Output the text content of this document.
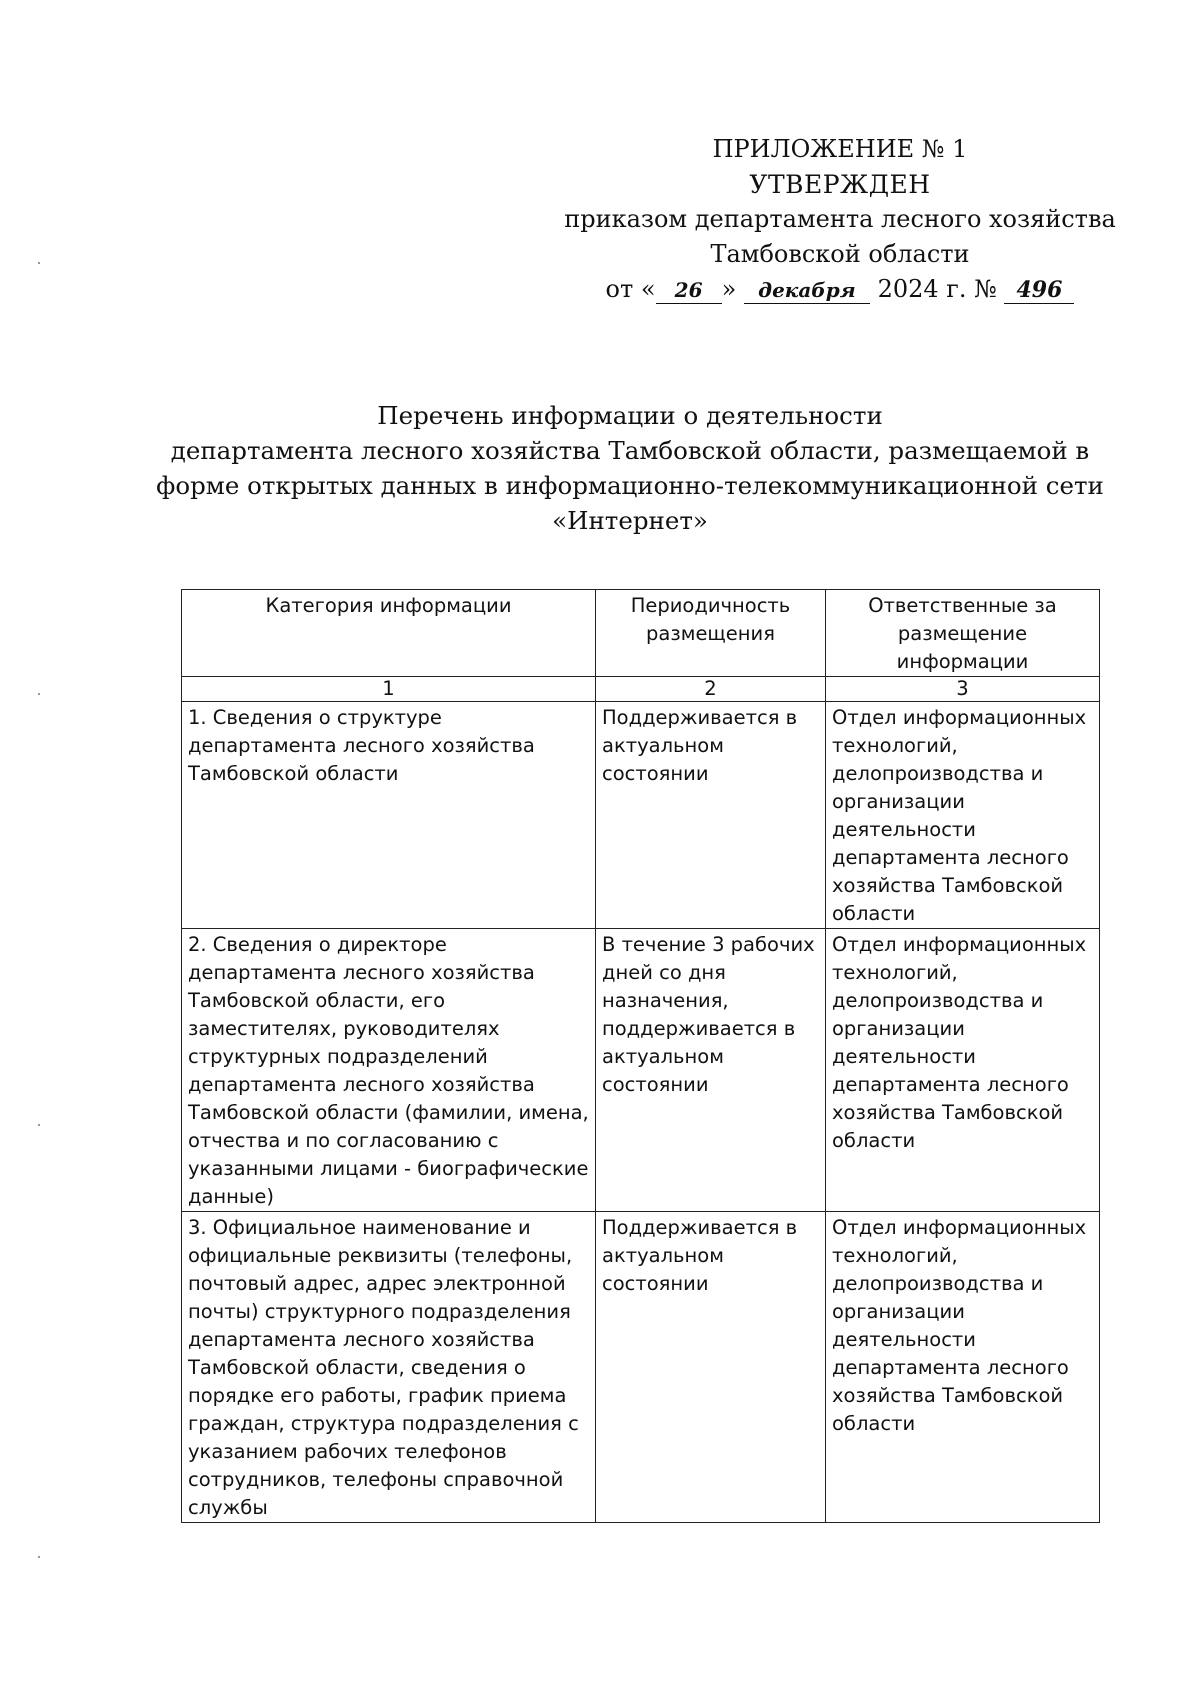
ПРИЛОЖЕНИЕ № 1
УТВЕРЖДЕН
приказом департамента лесного хозяйства
Тамбовской области
от « 26 » декабря 2024 г. № 496
Перечень информации о деятельности
департамента лесного хозяйства Тамбовской области, размещаемой в
форме открытых данных в информационно-телекоммуникационной сети
«Интернет»
Категория информации	Периодичность размещения	Ответственные за размещение информации
1	2	3
1. Сведения о структуре департамента лесного хозяйства Тамбовской области	Поддерживается в актуальном состоянии	Отдел информационных технологий, делопроизводства и организации деятельности департамента лесного хозяйства Тамбовской области
2. Сведения о директоре департамента лесного хозяйства Тамбовской области, его заместителях, руководителях структурных подразделений департамента лесного хозяйства Тамбовской области (фамилии, имена, отчества и по согласованию с указанными лицами - биографические данные)	В течение 3 рабочих дней со дня назначения, поддерживается в актуальном состоянии	Отдел информационных технологий, делопроизводства и организации деятельности департамента лесного хозяйства Тамбовской области
3. Официальное наименование и официальные реквизиты (телефоны, почтовый адрес, адрес электронной почты) структурного подразделения департамента лесного хозяйства Тамбовской области, сведения о порядке его работы, график приема граждан, структура подразделения с указанием рабочих телефонов сотрудников, телефоны справочной службы	Поддерживается в актуальном состоянии	Отдел информационных технологий, делопроизводства и организации деятельности департамента лесного хозяйства Тамбовской области
